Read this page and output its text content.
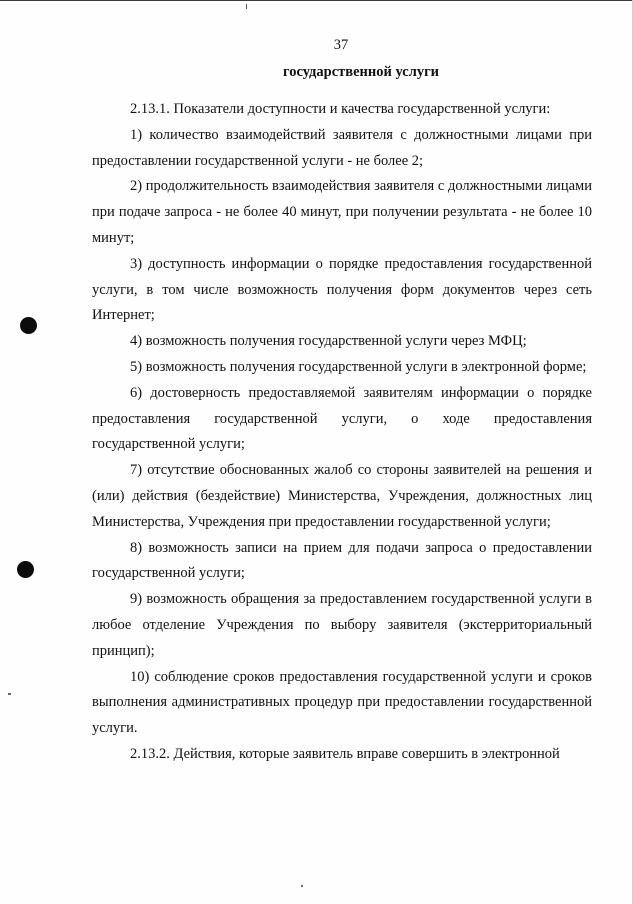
37
государственной услуги

2.13.1. Показатели доступности и качества государственной услуги:

1) количество взаимодействий заявителя с должностными лицами при предоставлении государственной услуги - не более 2;

2) продолжительность взаимодействия заявителя с должностными лицами при подаче запроса - не более 40 минут, при получении результата - не более 10 минут;

3) доступность информации о порядке предоставления государственной услуги, в том числе возможность получения форм документов через сеть Интернет;

4) возможность получения государственной услуги через МФЦ;

5) возможность получения государственной услуги в электронной форме;

6) достоверность предоставляемой заявителям информации о порядке предоставления государственной услуги, о ходе предоставления государственной услуги;

7) отсутствие обоснованных жалоб со стороны заявителей на решения и (или) действия (бездействие) Министерства, Учреждения, должностных лиц Министерства, Учреждения при предоставлении государственной услуги;

8) возможность записи на прием для подачи запроса о предоставлении государственной услуги;

9) возможность обращения за предоставлением государственной услуги в любое отделение Учреждения по выбору заявителя (экстерриториальный принцип);

10) соблюдение сроков предоставления государственной услуги и сроков выполнения административных процедур при предоставлении государственной услуги.

2.13.2. Действия, которые заявитель вправе совершить в электронной
